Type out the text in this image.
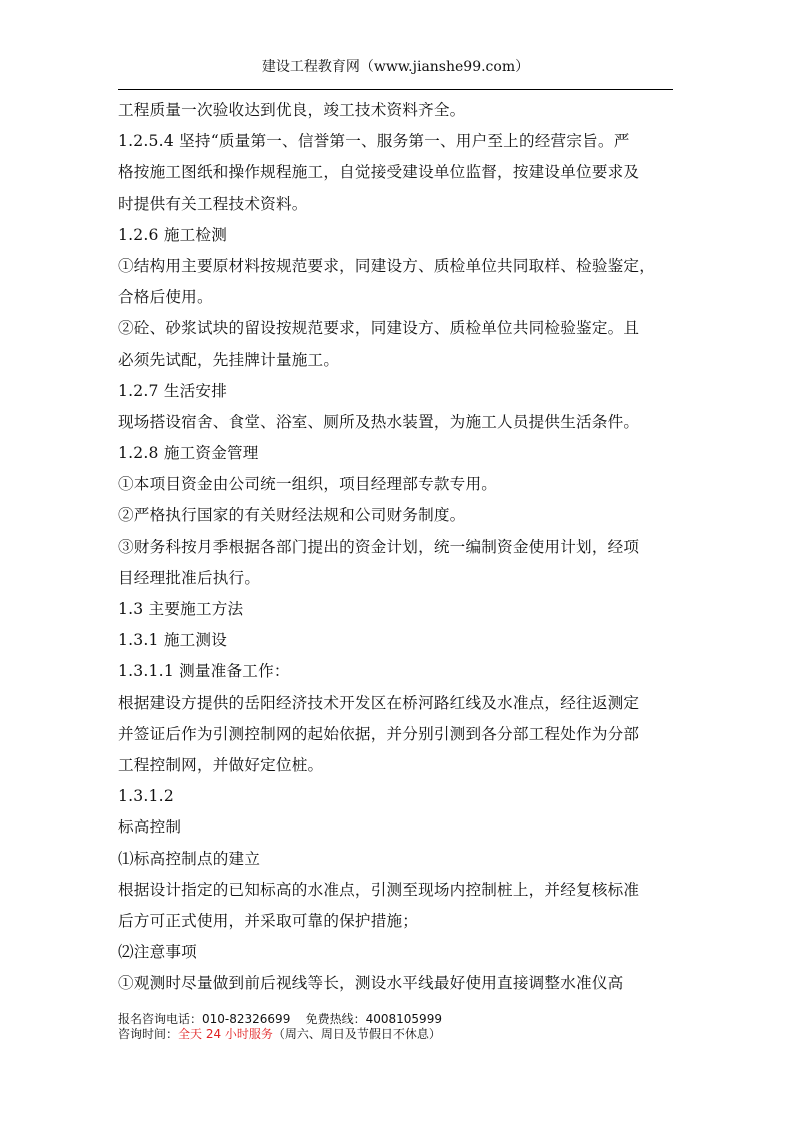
建设工程教育网（www.jianshe99.com）

工程质量一次验收达到优良，竣工技术资料齐全。

1.2.5.4 坚持“质量第一、信誉第一、服务第一、用户至上的经营宗旨。严

格按施工图纸和操作规程施工，自觉接受建设单位监督，按建设单位要求及

时提供有关工程技术资料。

1.2.6 施工检测

①结构用主要原材料按规范要求，同建设方、质检单位共同取样、检验鉴定，

合格后使用。

②砼、砂浆试块的留设按规范要求，同建设方、质检单位共同检验鉴定。且

必须先试配，先挂牌计量施工。

1.2.7 生活安排

现场搭设宿舍、食堂、浴室、厕所及热水装置，为施工人员提供生活条件。

1.2.8 施工资金管理

①本项目资金由公司统一组织，项目经理部专款专用。

②严格执行国家的有关财经法规和公司财务制度。

③财务科按月季根据各部门提出的资金计划，统一编制资金使用计划，经项

目经理批准后执行。

1.3 主要施工方法

1.3.1 施工测设

1.3.1.1 测量准备工作：

根据建设方提供的岳阳经济技术开发区在桥河路红线及水准点，经往返测定

并签证后作为引测控制网的起始依据，并分别引测到各分部工程处作为分部

工程控制网，并做好定位桩。

1.3.1.2

标高控制

⑴标高控制点的建立

根据设计指定的已知标高的水准点，引测至现场内控制桩上，并经复核标准

后方可正式使用，并采取可靠的保护措施；

⑵注意事项

①观测时尽量做到前后视线等长，测设水平线最好使用直接调整水准仪高

报名咨询电话：010-82326699 免费热线：4008105999
咨询时间：全天 24 小时服务（周六、周日及节假日不休息）
